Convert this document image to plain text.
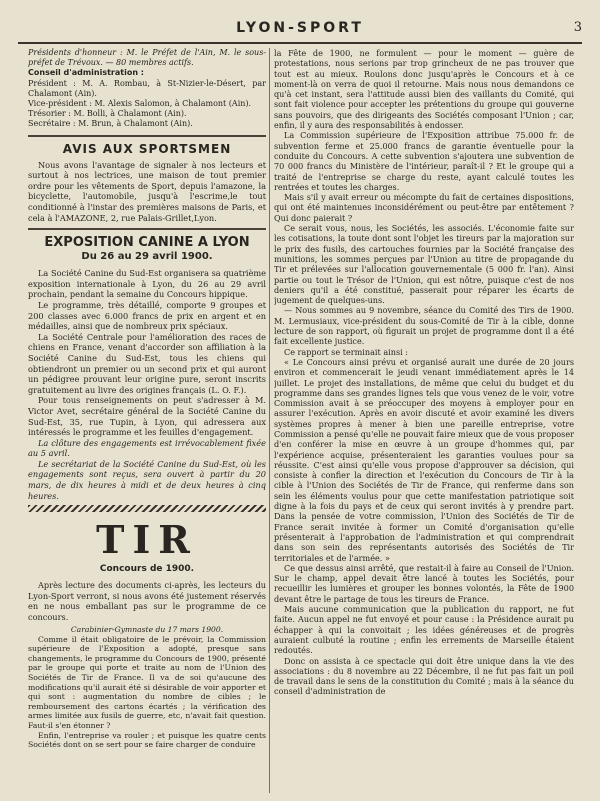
LYON-SPORT	3

Présidents d'honneur : M. le Préfet de l'Ain, M. le sous-préfet de Trévoux. — 80 membres actifs.

Conseil d'administration :

Président : M. A. Rombau, à St-Nizier-le-Désert, par Chalamont (Ain).

Vice-président : M. Alexis Salomon, à Chalamont (Ain).

Trésorier : M. Bolli, à Chalamont (Ain).

Secrétaire : M. Brun, à Chalamont (Ain).

AVIS AUX SPORTSMEN

Nous avons l'avantage de signaler à nos lecteurs et surtout à nos lectrices, une maison de tout premier ordre pour les vêtements de Sport, depuis l'amazone, la bicyclette, l'automobile, jusqu'à l'escrime,le tout conditionné à l'instar des premières maisons de Paris, et cela à l'AMAZONE, 2, rue Palais-Grillet,Lyon.

EXPOSITION CANINE A LYON
Du 26 au 29 avril 1900.

La Société Canine du Sud-Est organisera sa quatrième exposition internationale à Lyon, du 26 au 29 avril prochain, pendant la semaine du Concours hippique.

Le programme, très détaillé, comporte 9 groupes et 200 classes avec 6.000 francs de prix en argent et en médailles, ainsi que de nombreux prix spéciaux.

La Société Centrale pour l'amélioration des races de chiens en France, venant d'accorder son affiliation à la Société Canine du Sud-Est, tous les chiens qui obtiendront un premier ou un second prix et qui auront un pédigree prouvant leur origine pure, seront inscrits gratuitement au livre des origines français (L. O. F.).

Pour tous renseignements on peut s'adresser à M. Victor Avet, secrétaire général de la Société Canine du Sud-Est, 35, rue Tupin, à Lyon, qui adressera aux intéressés le programme et les feuilles d'engagement.

La clôture des engagements est irrévocablement fixée au 5 avril.

Le secrétariat de la Société Canine du Sud-Est, où les engagements sont reçus, sera ouvert à partir du 20 mars, de dix heures à midi et de deux heures à cinq heures.

TIR
Concours de 1900.

Après lecture des documents ci-après, les lecteurs du Lyon-Sport verront, si nous avons été justement réservés en ne nous emballant pas sur le programme de ce concours.

Carabinier-Gymnaste du 17 mars 1900.

Comme il était obligatoire de le prévoir, la Commission supérieure de l'Exposition a adopté, presque sans changements, le programme du Concours de 1900, présenté par le groupe qui porte et traite au nom de l'Union des Sociétés de Tir de France. Il va de soi qu'aucune des modifications qu'il aurait été si désirable de voir apporter et qui sont : augmentation du nombre de cibles ; le remboursement des cartons écartés ; la vérification des armes limitée aux fusils de guerre, etc, n'avait fait question. Faut-il s'en étonner ?

Enfin, l'entreprise va rouler ; et puisque les quatre cents Sociétés dont on se sert pour se faire charger de conduire

la Fête de 1900, ne formulent — pour le moment — guère de protestations, nous serions par trop grincheux de ne pas trouver que tout est au mieux. Roulons donc jusqu'après le Concours et à ce moment-là on verra de quoi il retourne. Mais nous nous demandons ce qu'à cet instant, sera l'attitude aussi bien des vaillants du Comité, qui sont fait violence pour accepter les prétentions du groupe qui gouverne sans pouvoirs, que des dirigeants des Sociétés composant l'Union ; car, enfin, il y aura des responsabilités à endosser.

La Commission supérieure de l'Exposition attribue 75.000 fr. de subvention ferme et 25.000 francs de garantie éventuelle pour la conduite du Concours. A cette subvention s'ajoutera une subvention de 70 000 francs du Ministère de l'intérieur, paraît-il ? Et le groupe qui a traité de l'entreprise se charge du reste, ayant calculé toutes les rentrées et toutes les charges.

Mais s'il y avait erreur ou mécompte du fait de certaines dispositions, qui ont été maintenues inconsidérément ou peut-être par entêtement ? Qui donc paierait ?

Ce serait vous, nous, les Sociétés, les associés. L'économie faite sur les cotisations, la toute dont sont l'objet les tireurs par la majoration sur le prix des fusils, des cartouches fournies par la Société française des munitions, les sommes perçues par l'Union au titre de propagande du Tir et prélevées sur l'allocation gouvernementale (5 000 fr. l'an). Ainsi partie ou tout le Trésor de l'Union, qui est nôtre, puisque c'est de nos deniers qu'il a été constitué, passerait pour réparer les écarts de jugement de quelques-uns.

— Nous sommes au 9 novembre, séance du Comité des Tirs de 1900. M. Lermusiaux, vice-président du sous-Comité de Tir à la cible, donne lecture de son rapport, où figurait un projet de programme dont il a été fait excellente justice.

Ce rapport se terminait ainsi :

« Le Concours ainsi prévu et organisé aurait une durée de 20 jours environ et commencerait le jeudi venant immédiatement après le 14 juillet. Le projet des installations, de même que celui du budget et du programme dans ses grandes lignes tels que vous venez de le voir, votre Commission avait à se préoccuper des moyens à employer pour en assurer l'exécution. Après en avoir discuté et avoir examiné les divers systèmes propres à mener à bien une pareille entreprise, votre Commission a pensé qu'elle ne pouvait faire mieux que de vous proposer d'en conférer la mise en œuvre à un groupe d'hommes qui, par l'expérience acquise, présenteraient les garanties voulues pour sa réussite. C'est ainsi qu'elle vous propose d'approuver sa décision, qui consiste à confier la direction et l'exécution du Concours de Tir à la cible à l'Union des Sociétés de Tir de France, qui renferme dans son sein les éléments voulus pour que cette manifestation patriotique soit digne à la fois du pays et de ceux qui seront invités à y prendre part. Dans la pensée de votre commission, l'Union des Sociétés de Tir de France serait invitée à former un Comité d'organisation qu'elle présenterait à l'approbation de l'administration et qui comprendrait dans son sein des représentants autorisés des Sociétés de Tir territoriales et de l'armée. »

Ce que dessus ainsi arrêté, que restait-il à faire au Conseil de l'Union. Sur le champ, appel devait être lancé à toutes les Sociétés, pour recueillir les lumières et grouper les bonnes volontés, la Fête de 1900 devant être le partage de tous les tireurs de France.

Mais aucune communication que la publication du rapport, ne fut faite. Aucun appel ne fut envoyé et pour cause : la Présidence aurait pu échapper à qui la convoitait ; les idées généreuses et de progrès auraient culbuté la routine ; enfin les errements de Marseille étaient redoutés.

Donc on assista à ce spectacle qui doit être unique dans la vie des associations : du 8 novembre au 22 Décembre, il ne fut pas fait un poil de travail dans le sens de la constitution du Comité ; mais à la séance du conseil d'administration de
